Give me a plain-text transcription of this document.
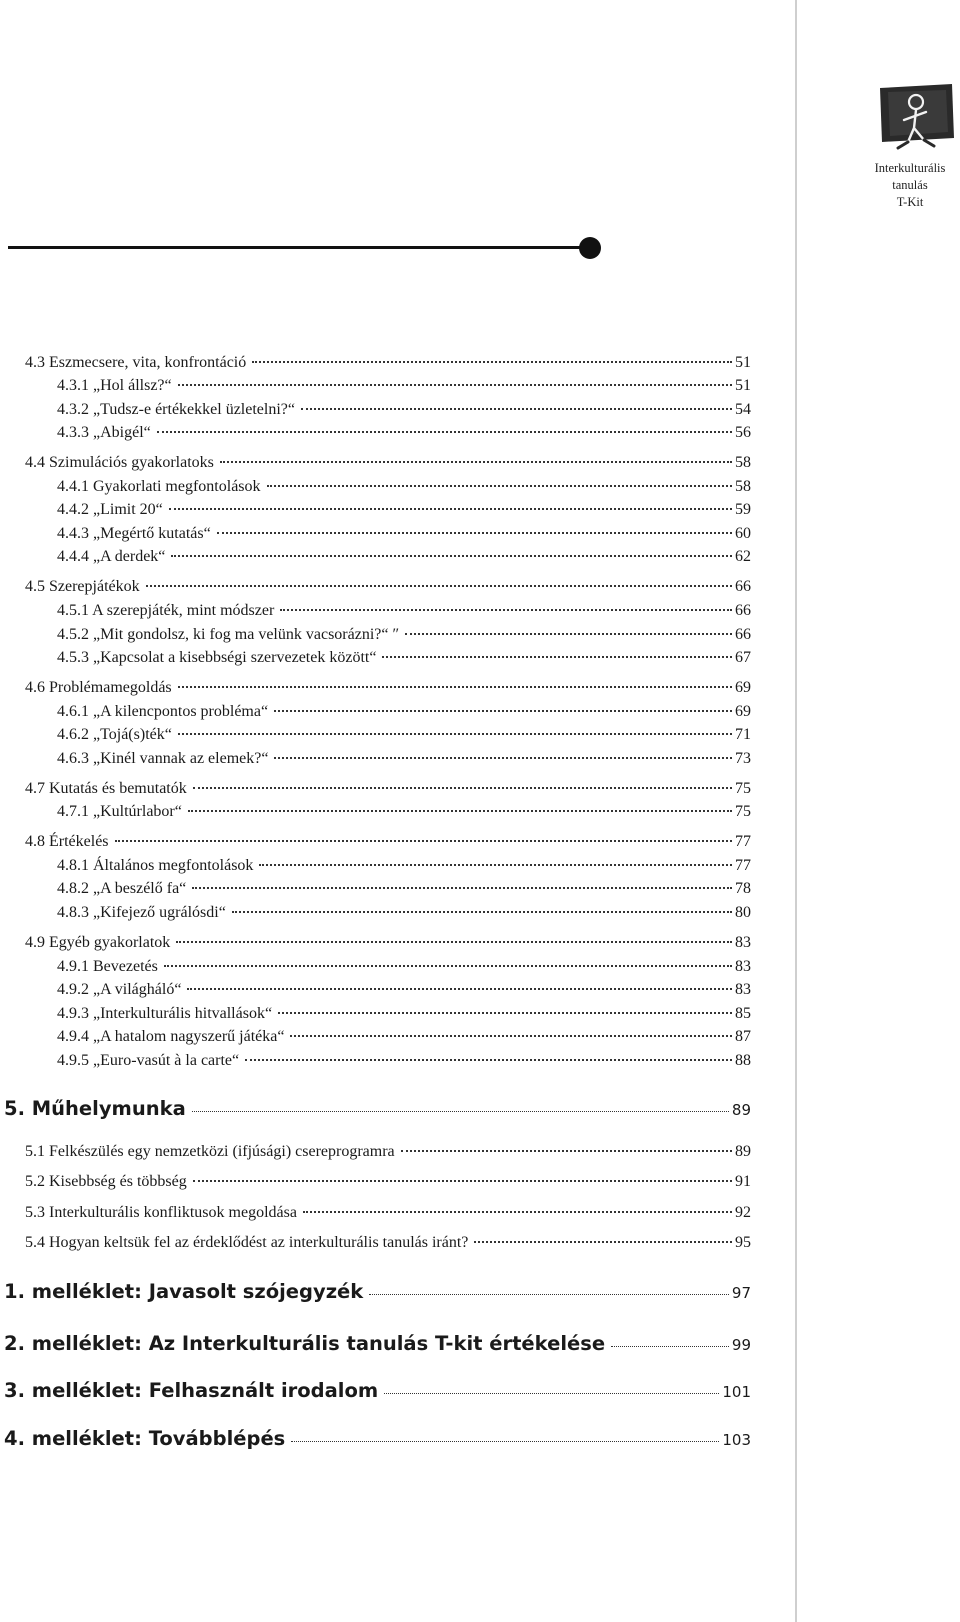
Interkulturális
tanulás
T-Kit
4.3 Eszmecsere, vita, konfrontáció	51
4.3.1 „Hol állsz?“	51
4.3.2 „Tudsz-e értékekkel üzletelni?“	54
4.3.3 „Abigél“	56
4.4 Szimulációs gyakorlatoks	58
4.4.1 Gyakorlati megfontolások	58
4.4.2 „Limit 20“	59
4.4.3 „Megértő kutatás“	60
4.4.4 „A derdek“	62
4.5 Szerepjátékok	66
4.5.1 A szerepjáték, mint módszer	66
4.5.2 „Mit gondolsz, ki fog ma velünk vacsorázni?“ ″	66
4.5.3 „Kapcsolat a kisebbségi szervezetek között“	67
4.6 Problémamegoldás	69
4.6.1 „A kilencpontos probléma“	69
4.6.2 „Tojá(s)ték“	71
4.6.3 „Kinél vannak az elemek?“	73
4.7 Kutatás és bemutatók	75
4.7.1 „Kultúrlabor“	75
4.8 Értékelés	77
4.8.1 Általános megfontolások	77
4.8.2 „A beszélő fa“	78
4.8.3 „Kifejező ugrálósdi“	80
4.9 Egyéb gyakorlatok	83
4.9.1 Bevezetés	83
4.9.2 „A világháló“	83
4.9.3 „Interkulturális hitvallások“	85
4.9.4 „A hatalom nagyszerű játéka“	87
4.9.5 „Euro-vasút à la carte“	88
5. Műhelymunka	89
5.1 Felkészülés egy nemzetközi (ifjúsági) csereprogramra	89
5.2 Kisebbség és többség	91
5.3 Interkulturális konfliktusok megoldása	92
5.4 Hogyan keltsük fel az érdeklődést az interkulturális tanulás iránt?	95
1. melléklet: Javasolt szójegyzék	97
2. melléklet: Az Interkulturális tanulás T-kit értékelése	99
3. melléklet: Felhasznált irodalom	101
4. melléklet: Továbblépés	103
